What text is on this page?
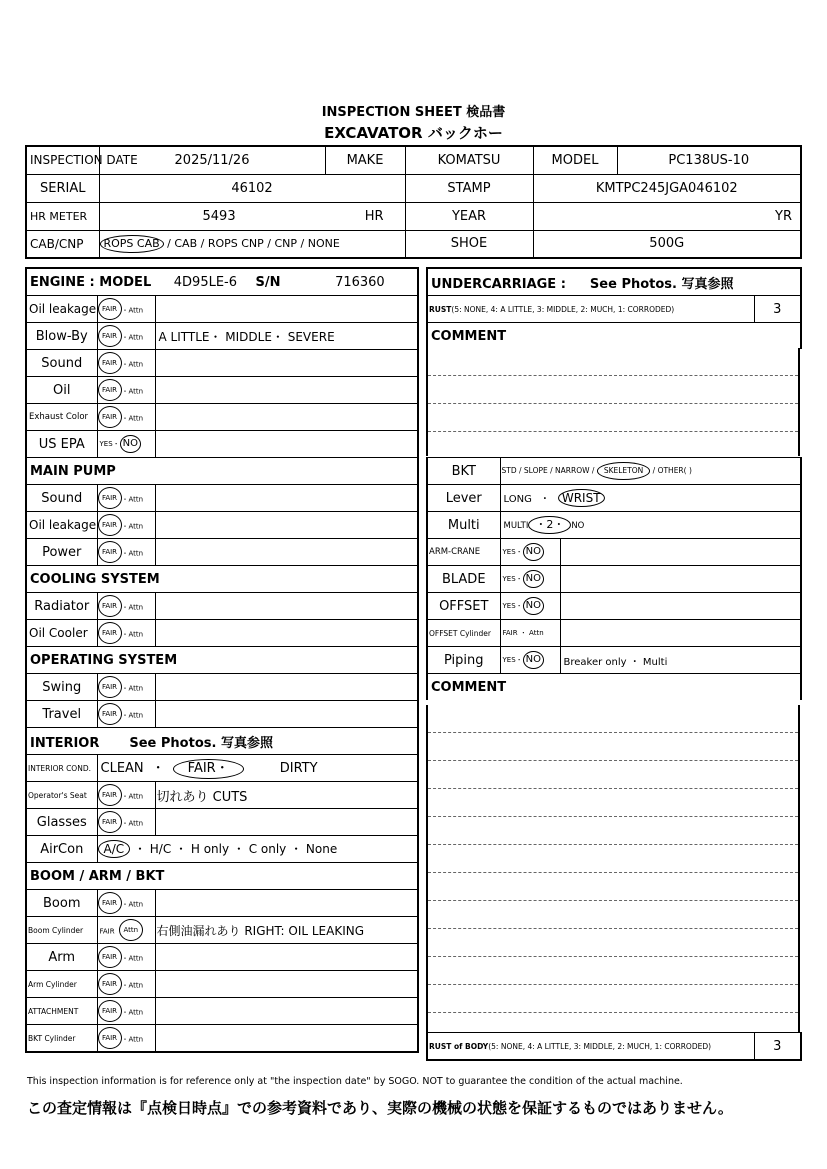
INSPECTION SHEET 検品書
EXCAVATOR バックホー
INSPECTION DATE	2025/11/26	MAKE	KOMATSU	MODEL	PC138US-10
SERIAL	46102		STAMP	KMTPC245JGA046102	
HR METER	5493 HR		YEAR	YR	
CAB/CNP	ROPS CAB / CAB / ROPS CNP / CNP / NONE		SHOE	500G	
ENGINE : MODEL 4D95LE-6 S/N 716360		
Oil leakage	FAIR ・Attn	
Blow-By	FAIR ・Attn	A LITTLE・ MIDDLE・ SEVERE
Sound	FAIR ・Attn	
Oil	FAIR ・Attn	
Exhaust Color	FAIR ・Attn	
US EPA	YES・ NO	
MAIN PUMP		
Sound	FAIR ・Attn	
Oil leakage	FAIR ・Attn	
Power	FAIR ・Attn	
COOLING SYSTEM		
Radiator	FAIR ・Attn	
Oil Cooler	FAIR ・Attn	
OPERATING SYSTEM		
Swing	FAIR ・Attn	
Travel	FAIR ・Attn	
INTERIOR See Photos. 写真参照		
INTERIOR COND.	CLEAN ・ FAIR・ DIRTY	
Operator's Seat	FAIR ・Attn	切れあり CUTS
Glasses	FAIR ・Attn	
AirCon	A/C ・ H/C ・ H only ・ C only ・ None	
BOOM / ARM / BKT		
Boom	FAIR ・Attn	
Boom Cylinder	FAIR Attn	右側油漏れあり RIGHT: OIL LEAKING
Arm	FAIR ・Attn	
Arm Cylinder	FAIR ・Attn	
ATTACHMENT	FAIR ・Attn	
BKT Cylinder	FAIR ・Attn	
UNDERCARRIAGE : See Photos. 写真参照
RUST(5: NONE, 4: A LITTLE, 3: MIDDLE, 2: MUCH, 1: CORRODED)	3
COMMENT
BKT	STD / SLOPE / NARROW / SKELETON / OTHER( )	
Lever	LONG ・ WRIST	
Multi	MULTI ・2・ NO	
ARM-CRANE	YES・ NO	
BLADE	YES・ NO	
OFFSET	YES・ NO	
OFFSET Cylinder	FAIR ・ Attn	
Piping	YES・ NO	Breaker only ・ Multi
COMMENT		
RUST of BODY(5: NONE, 4: A LITTLE, 3: MIDDLE, 2: MUCH, 1: CORRODED)	3
This inspection information is for reference only at "the inspection date" by SOGO. NOT to guarantee the condition of the actual machine.
この査定情報は『点検日時点』での参考資料であり、実際の機械の状態を保証するものではありません。
